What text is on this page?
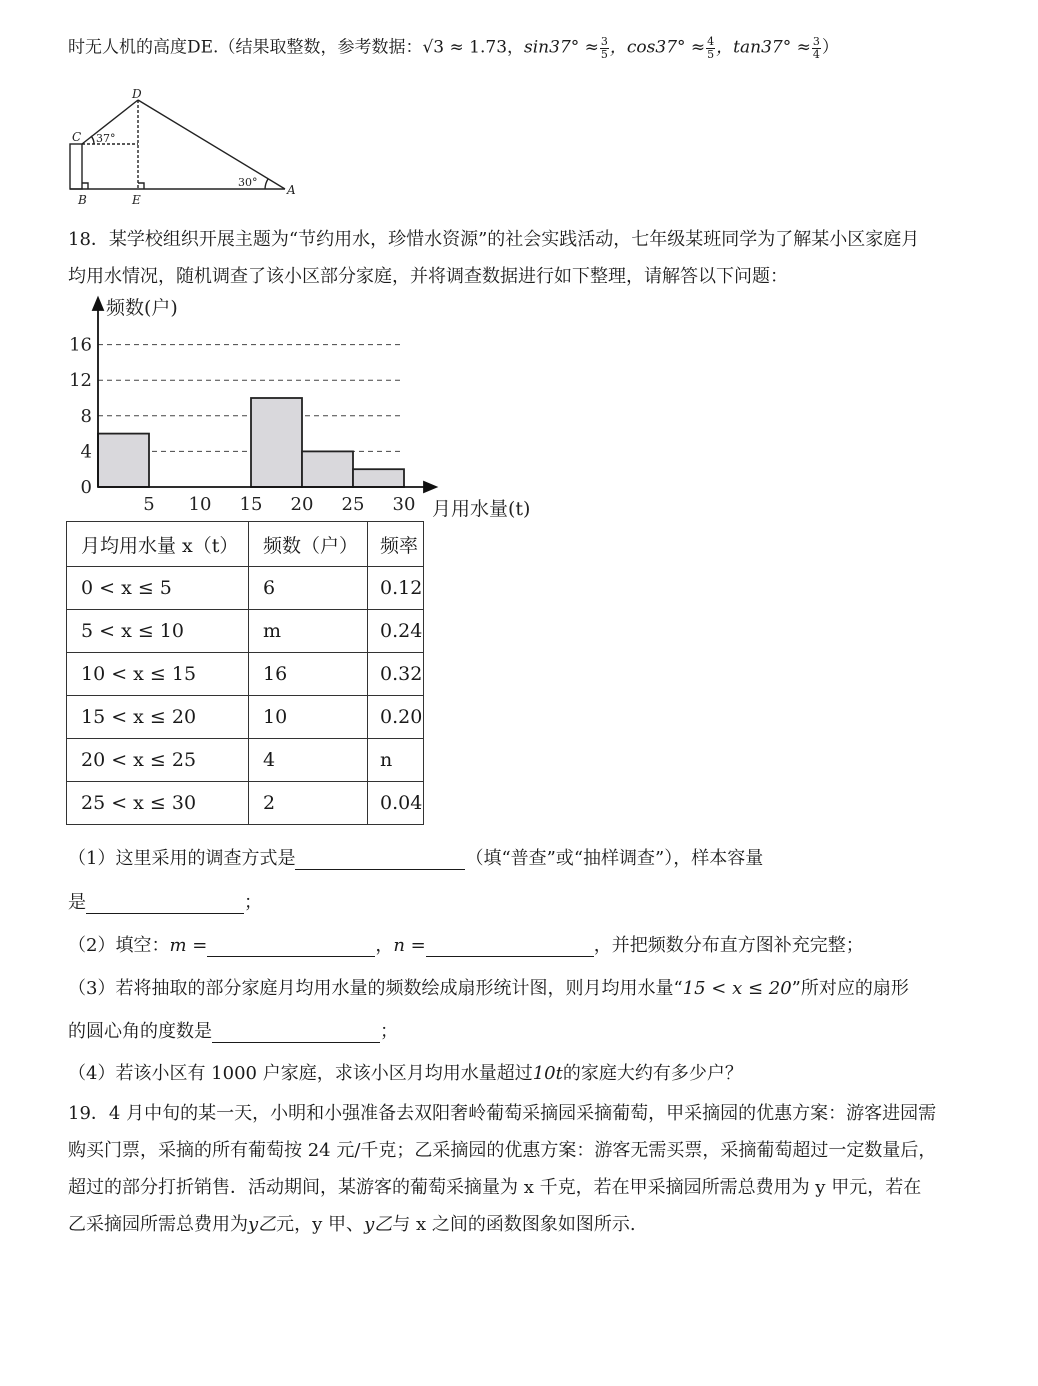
时无人机的高度DE.（结果取整数，参考数据：√3 ≈ 1.73，$\sin 37^\circ \approx \frac{3}{5}$ ，$\cos 37^\circ \approx \frac{4}{5}$ ，$\tan 37^\circ \approx \frac{3}{4}$ ）
C
D
B	E
A
37°
30°
18．某学校组织开展主题为“节约用水，珍惜水资源”的社会实践活动，七年级某班同学为了解某小区家庭月
均用水情况，随机调查了该小区部分家庭，并将调查数据进行如下整理，请解答以下问题：
频数(户)
月用水量(t)
0
4
8
12
16
5 10 15 20 25 30
月均用水量 x（t）	频数（户）	频率
0 < x ≤ 5	6	0.12
5 < x ≤ 10	m	0.24
10 < x ≤ 15	16	0.32
15 < x ≤ 20	10	0.20
20 < x ≤ 25	4	n
25 < x ≤ 30	2	0.04
（1）这里采用的调查方式是	（填“普查”或“抽样调查”），样本容量
是	；
（2）填空：m =	，n =	，并把频数分布直方图补充完整；
（3）若将抽取的部分家庭月均用水量的频数绘成扇形统计图，则月均用水量“15 < x ≤ 20”所对应的扇形
的圆心角的度数是	；
（4）若该小区有 1000 户家庭，求该小区月均用水量超过10t的家庭大约有多少户？
19．4 月中旬的某一天，小明和小强准备去双阳奢岭葡萄采摘园采摘葡萄，甲采摘园的优惠方案：游客进园需
购买门票，采摘的所有葡萄按 24 元/千克；乙采摘园的优惠方案：游客无需买票，采摘葡萄超过一定数量后，
超过的部分打折销售．活动期间，某游客的葡萄采摘量为 x 千克，若在甲采摘园所需总费用为 y 甲元，若在
乙采摘园所需总费用为y乙元，y 甲、y乙与 x 之间的函数图象如图所示.
